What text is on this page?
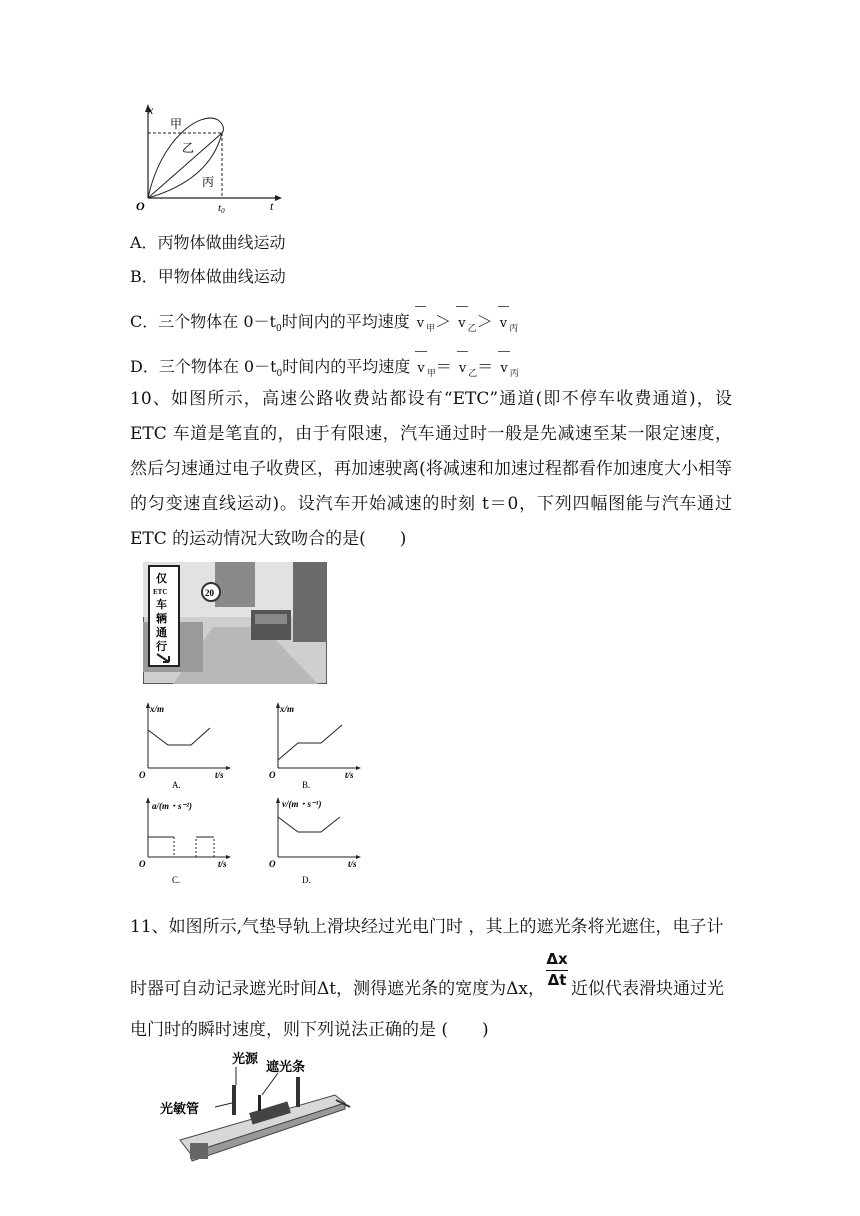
x
t
O	t0
甲
乙
丙
A．丙物体做曲线运动
B．甲物体做曲线运动
C．三个物体在 $0-t_0$时间内的平均速度 v $_甲$＞ v $_乙$＞ v $_丙$
D．三个物体在 $0-t_0$时间内的平均速度 v $_甲$＝ v $_乙$＝ v $_丙$
10、如图所示，高速公路收费站都设有“ETC”通道(即不停车收费通道)，设 ETC 车道是笔直的，由于有限速，汽车通过时一般是先减速至某一限定速度，然后匀速通过电子收费区，再加速驶离(将减速和加速过程都看作加速度大小相等的匀变速直线运动)。设汽车开始减速的时刻 t＝0，下列四幅图能与汽车通过 ETC 的运动情况大致吻合的是(　　)
20
仅
ETC
车
辆
通
行
x/m
t/s
O
A.
x/m
t/s
O
B.
a/(m・s⁻²)
t/s
O
C.
v/(m・s⁻¹)
t/s
O
D.
11、如图所示,气垫导轨上滑块经过光电门时 ，其上的遮光条将光遮住，电子计
$\frac{\Delta x}{\Delta t}$
时器可自动记录遮光时间Δt，测得遮光条的宽度为Δx， 近似代表滑块通过光
电门时的瞬时速度，则下列说法正确的是 (　　)
光源
遮光条
光敏管
